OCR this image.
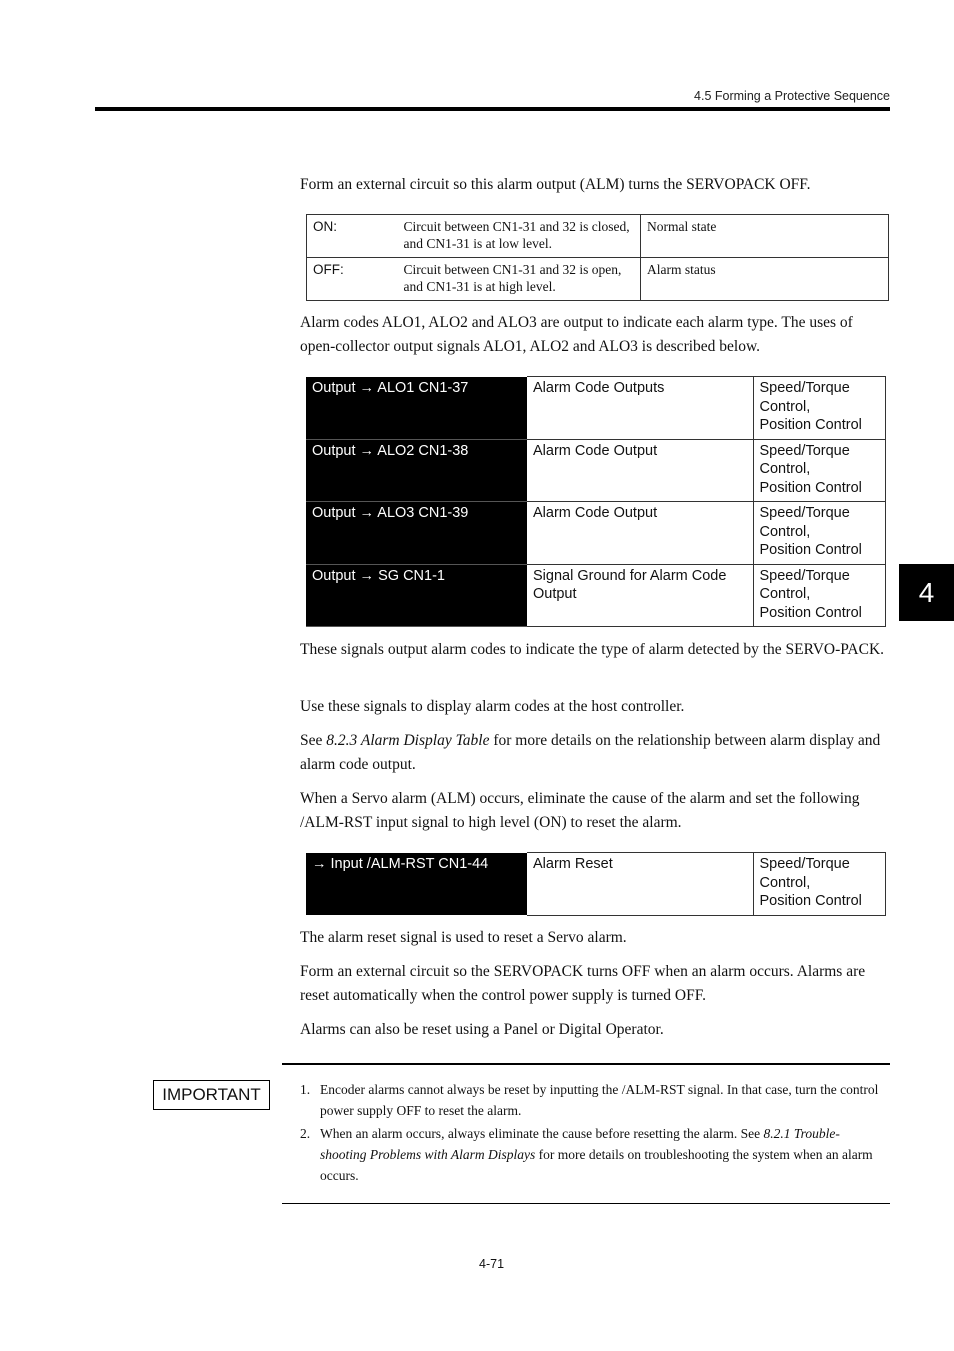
4.5 Forming a Protective Sequence
4

Form an external circuit so this alarm output (ALM) turns the SERVOPACK OFF.

ON:	Circuit between CN1-31 and 32 is closed, and CN1-31 is at low level.	Normal state
OFF:	Circuit between CN1-31 and 32 is open, and CN1-31 is at high level.	Alarm status

Alarm codes ALO1, ALO2 and ALO3 are output to indicate each alarm type. The uses of open-collector output signals ALO1, ALO2 and ALO3 is described below.

Output → ALO1 CN1-37	Alarm Code Outputs	Speed/Torque Control,
Position Control
Output → ALO2 CN1-38	Alarm Code Output	Speed/Torque Control,
Position Control
Output → ALO3 CN1-39	Alarm Code Output	Speed/Torque Control,
Position Control
Output → SG CN1-1	Signal Ground for Alarm Code Output	Speed/Torque Control,
Position Control

These signals output alarm codes to indicate the type of alarm detected by the SERVO-PACK.

Use these signals to display alarm codes at the host controller.

See 8.2.3 Alarm Display Table for more details on the relationship between alarm display and alarm code output.

When a Servo alarm (ALM) occurs, eliminate the cause of the alarm and set the following /ALM-RST input signal to high level (ON) to reset the alarm.

→ Input /ALM-RST CN1-44	Alarm Reset	Speed/Torque Control,
Position Control

The alarm reset signal is used to reset a Servo alarm.

Form an external circuit so the SERVOPACK turns OFF when an alarm occurs. Alarms are reset automatically when the control power supply is turned OFF.

Alarms can also be reset using a Panel or Digital Operator.

IMPORTANT	1. Encoder alarms cannot always be reset by inputting the /ALM-RST signal. In that case, turn the control power supply OFF to reset the alarm.
2. When an alarm occurs, always eliminate the cause before resetting the alarm. See 8.2.1 Trouble-shooting Problems with Alarm Displays for more details on troubleshooting the system when an alarm occurs.
4-71
